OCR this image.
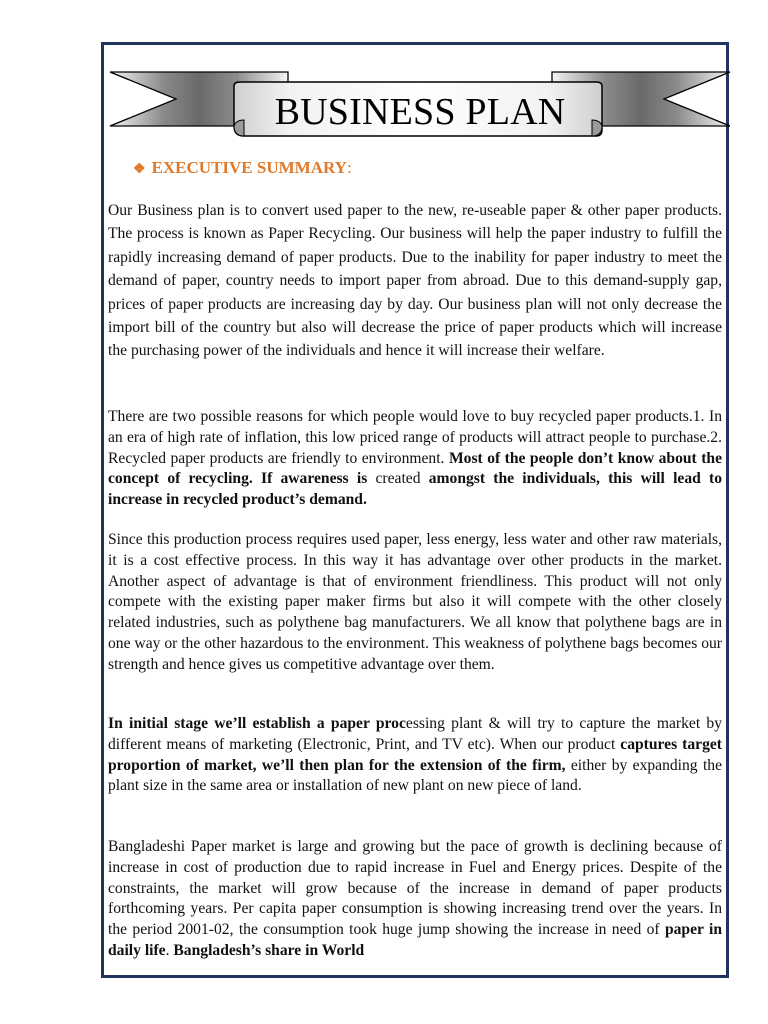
BUSINESS PLAN
❖ EXECUTIVE SUMMARY:

Our Business plan is to convert used paper to the new, re-useable paper & other paper products. The process is known as Paper Recycling. Our business will help the paper industry to fulfill the rapidly increasing demand of paper products. Due to the inability for paper industry to meet the demand of paper, country needs to import paper from abroad. Due to this demand-supply gap, prices of paper products are increasing day by day. Our business plan will not only decrease the import bill of the country but also will decrease the price of paper products which will increase the purchasing power of the individuals and hence it will increase their welfare.

There are two possible reasons for which people would love to buy recycled paper products.1. In an era of high rate of inflation, this low priced range of products will attract people to purchase.2. Recycled paper products are friendly to environment. Most of the people don’t know about the concept of recycling. If awareness is created amongst the individuals, this will lead to increase in recycled product’s demand.

Since this production process requires used paper, less energy, less water and other raw materials, it is a cost effective process. In this way it has advantage over other products in the market. Another aspect of advantage is that of environment friendliness. This product will not only compete with the existing paper maker firms but also it will compete with the other closely related industries, such as polythene bag manufacturers. We all know that polythene bags are in one way or the other hazardous to the environment. This weakness of polythene bags becomes our strength and hence gives us competitive advantage over them.

In initial stage we’ll establish a paper processing plant & will try to capture the market by different means of marketing (Electronic, Print, and TV etc). When our product captures target proportion of market, we’ll then plan for the extension of the firm, either by expanding the plant size in the same area or installation of new plant on new piece of land.

Bangladeshi Paper market is large and growing but the pace of growth is declining because of increase in cost of production due to rapid increase in Fuel and Energy prices. Despite of the constraints, the market will grow because of the increase in demand of paper products forthcoming years. Per capita paper consumption is showing increasing trend over the years. In the period 2001-02, the consumption took huge jump showing the increase in need of paper in daily life. Bangladesh’s share in World
